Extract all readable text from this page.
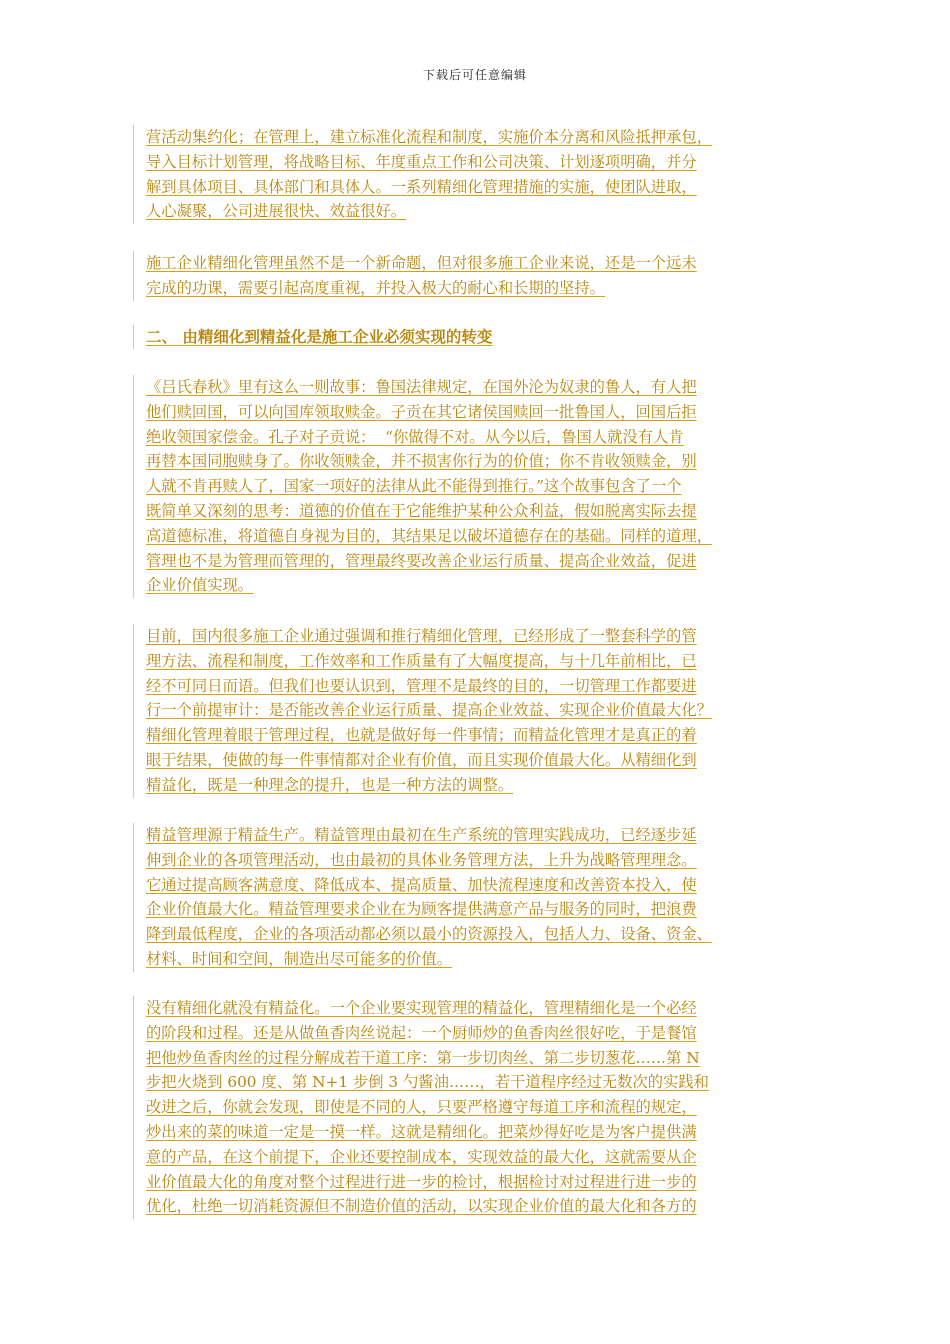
下载后可任意编辑

营活动集约化；在管理上，建立标准化流程和制度，实施价本分离和风险抵押承包，

导入目标计划管理，将战略目标、年度重点工作和公司决策、计划逐项明确，并分

解到具体项目、具体部门和具体人。一系列精细化管理措施的实施，使团队进取，

人心凝聚，公司进展很快、效益很好。

施工企业精细化管理虽然不是一个新命题，但对很多施工企业来说，还是一个远未

完成的功课，需要引起高度重视，并投入极大的耐心和长期的坚持。

二、 由精细化到精益化是施工企业必须实现的转变

《吕氏春秋》里有这么一则故事：鲁国法律规定，在国外沦为奴隶的鲁人，有人把

他们赎回国，可以向国库领取赎金。子贡在其它诸侯国赎回一批鲁国人，回国后拒

绝收领国家偿金。孔子对子贡说：  “你做得不对。从今以后，鲁国人就没有人肯

再替本国同胞赎身了。你收领赎金，并不损害你行为的价值；你不肯收领赎金，别

人就不肯再赎人了，国家一项好的法律从此不能得到推行。”这个故事包含了一个

既简单又深刻的思考：道德的价值在于它能维护某种公众利益，假如脱离实际去提

高道德标准，将道德自身视为目的，其结果足以破坏道德存在的基础。同样的道理，

管理也不是为管理而管理的，管理最终要改善企业运行质量、提高企业效益，促进

企业价值实现。

目前，国内很多施工企业通过强调和推行精细化管理，已经形成了一整套科学的管

理方法、流程和制度，工作效率和工作质量有了大幅度提高，与十几年前相比，已

经不可同日而语。但我们也要认识到，管理不是最终的目的，一切管理工作都要进

行一个前提审计：是否能改善企业运行质量、提高企业效益、实现企业价值最大化？

精细化管理着眼于管理过程，也就是做好每一件事情；而精益化管理才是真正的着

眼于结果，使做的每一件事情都对企业有价值，而且实现价值最大化。从精细化到

精益化，既是一种理念的提升，也是一种方法的调整。

精益管理源于精益生产。精益管理由最初在生产系统的管理实践成功，已经逐步延

伸到企业的各项管理活动，也由最初的具体业务管理方法，上升为战略管理理念。

它通过提高顾客满意度、降低成本、提高质量、加快流程速度和改善资本投入，使

企业价值最大化。精益管理要求企业在为顾客提供满意产品与服务的同时，把浪费

降到最低程度，企业的各项活动都必须以最小的资源投入，包括人力、设备、资金、

材料、时间和空间，制造出尽可能多的价值。

没有精细化就没有精益化。一个企业要实现管理的精益化，管理精细化是一个必经

的阶段和过程。还是从做鱼香肉丝说起：一个厨师炒的鱼香肉丝很好吃，于是餐馆

把他炒鱼香肉丝的过程分解成若干道工序：第一步切肉丝、第二步切葱花……第 N

步把火烧到 600 度、第 N+1 步倒 3 勺酱油……，若干道程序经过无数次的实践和

改进之后，你就会发现，即使是不同的人，只要严格遵守每道工序和流程的规定，

炒出来的菜的味道一定是一摸一样。这就是精细化。把菜炒得好吃是为客户提供满

意的产品，在这个前提下，企业还要控制成本，实现效益的最大化，这就需要从企

业价值最大化的角度对整个过程进行进一步的检讨，根据检讨对过程进行进一步的

优化，杜绝一切消耗资源但不制造价值的活动，以实现企业价值的最大化和各方的
